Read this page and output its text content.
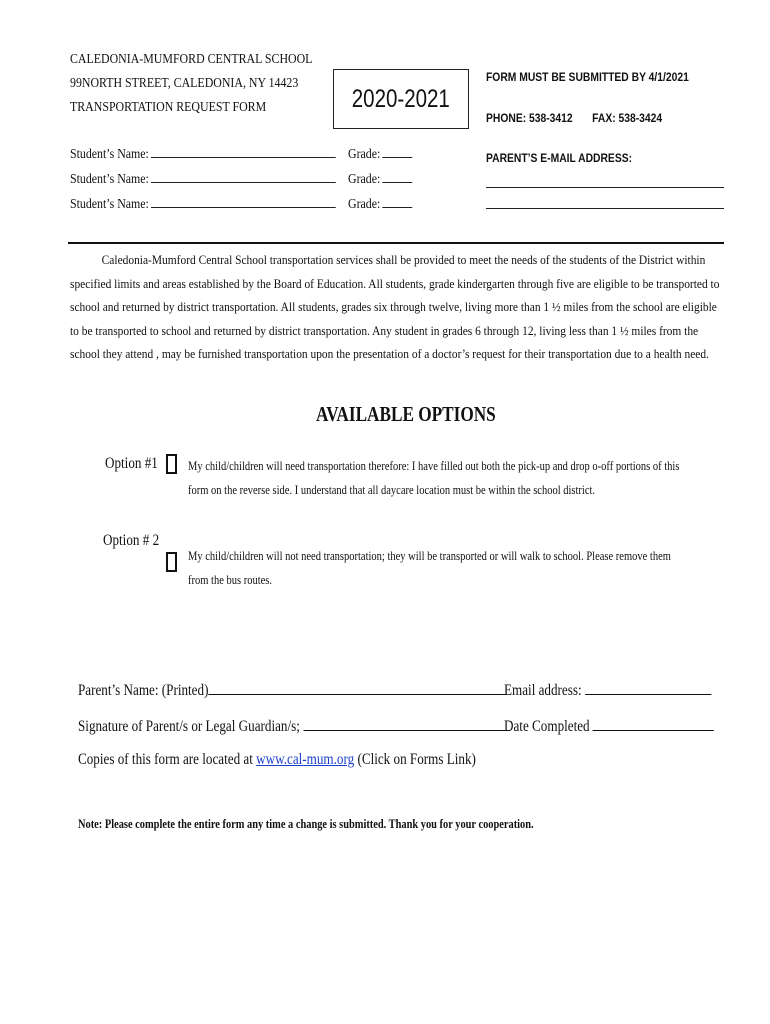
CALEDONIA-MUMFORD CENTRAL SCHOOL
99NORTH STREET, CALEDONIA, NY 14423
TRANSPORTATION REQUEST FORM	2020-2021
FORM MUST BE SUBMITTED BY 4/1/2021
PHONE: 538-3412 FAX: 538-3424
PARENT’S E-MAIL ADDRESS:
Student’s Name:	Grade:
Student’s Name:	Grade:
Student’s Name:	Grade:
Caledonia-Mumford Central School transportation services shall be provided to meet the needs of the students of the District within specified limits and areas established by the Board of Education. All students, grade kindergarten through five are eligible to be transported to school and returned by district transportation. All students, grades six through twelve, living more than 1 ½ miles from the school are eligible to be transported to school and returned by district transportation. Any student in grades 6 through 12, living less than 1 ½ miles from the school they attend , may be furnished transportation upon the presentation of a doctor’s request for their transportation due to a health need.
AVAILABLE OPTIONS
Option #1 My child/children will need transportation therefore: I have filled out both the pick-up and drop o-off portions of this form on the reverse side. I understand that all daycare location must be within the school district.
Option # 2
My child/children will not need transportation; they will be transported or will walk to school. Please remove them from the bus routes.
Parent’s Name: (Printed)	Email address:
Signature of Parent/s or Legal Guardian/s;	Date Completed
Copies of this form are located at www.cal-mum.org (Click on Forms Link)
Note: Please complete the entire form any time a change is submitted. Thank you for your cooperation.
